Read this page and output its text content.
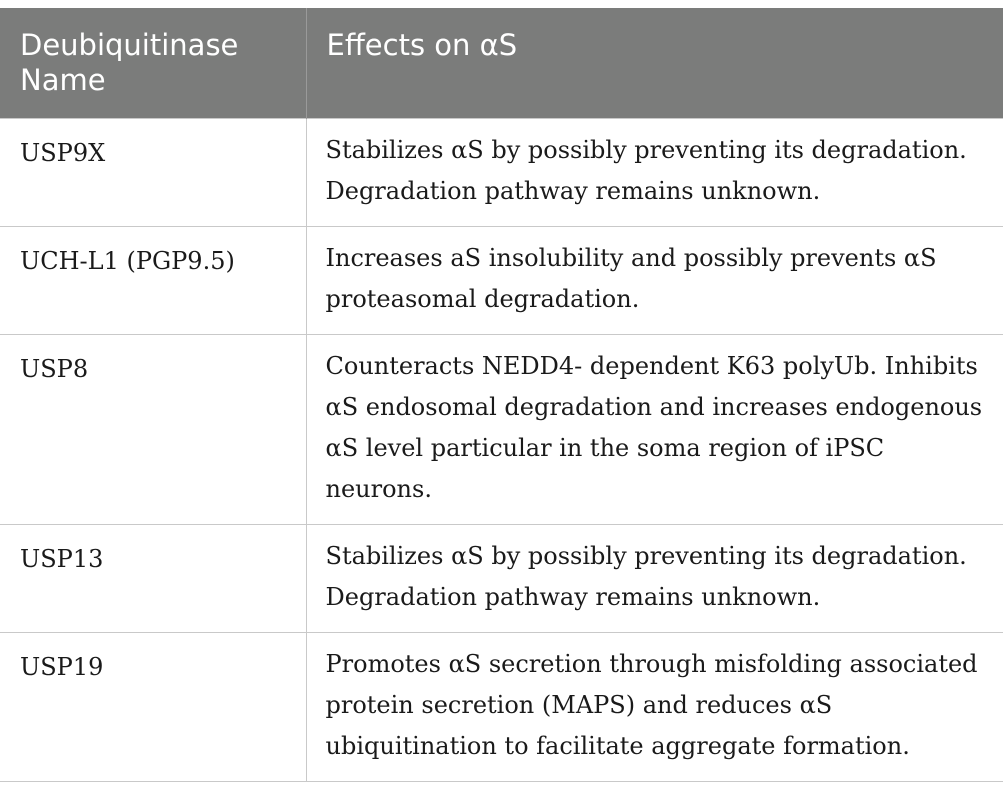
Deubiquitinase Name	Effects on αS
USP9X	Stabilizes αS by possibly preventing its degradation. Degradation pathway remains unknown.
UCH-L1 (PGP9.5)	Increases aS insolubility and possibly prevents αS proteasomal degradation.
USP8	Counteracts NEDD4- dependent K63 polyUb. Inhibits αS endosomal degradation and increases endogenous αS level particular in the soma region of iPSC neurons.
USP13	Stabilizes αS by possibly preventing its degradation. Degradation pathway remains unknown.
USP19	Promotes αS secretion through misfolding associated protein secretion (MAPS) and reduces αS ubiquitination to facilitate aggregate formation.
